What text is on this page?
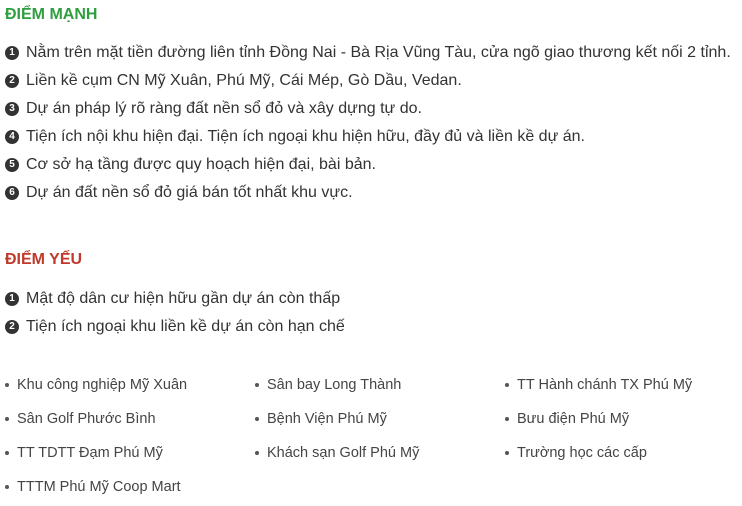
ĐIỂM MẠNH
1 Nằm trên mặt tiền đường liên tỉnh Đồng Nai - Bà Rịa Vũng Tàu, cửa ngõ giao thương kết nối 2 tỉnh.
2 Liền kề cụm CN Mỹ Xuân, Phú Mỹ, Cái Mép, Gò Dầu, Vedan.
3 Dự án pháp lý rõ ràng đất nền sổ đỏ và xây dựng tự do.
4 Tiện ích nội khu hiện đại. Tiện ích ngoại khu hiện hữu, đầy đủ và liền kề dự án.
5 Cơ sở hạ tầng được quy hoạch hiện đại, bài bản.
6 Dự án đất nền sổ đỏ giá bán tốt nhất khu vực.
ĐIỂM YẾU
1 Mật độ dân cư hiện hữu gần dự án còn thấp
2 Tiện ích ngoại khu liền kề dự án còn hạn chế
Khu công nghiệp Mỹ Xuân	Sân bay Long Thành	TT Hành chánh TX Phú Mỹ
Sân Golf Phước Bình	Bệnh Viện Phú Mỹ	Bưu điện Phú Mỹ
TT TDTT Đạm Phú Mỹ	Khách sạn Golf Phú Mỹ	Trường học các cấp
TTTM Phú Mỹ Coop Mart
